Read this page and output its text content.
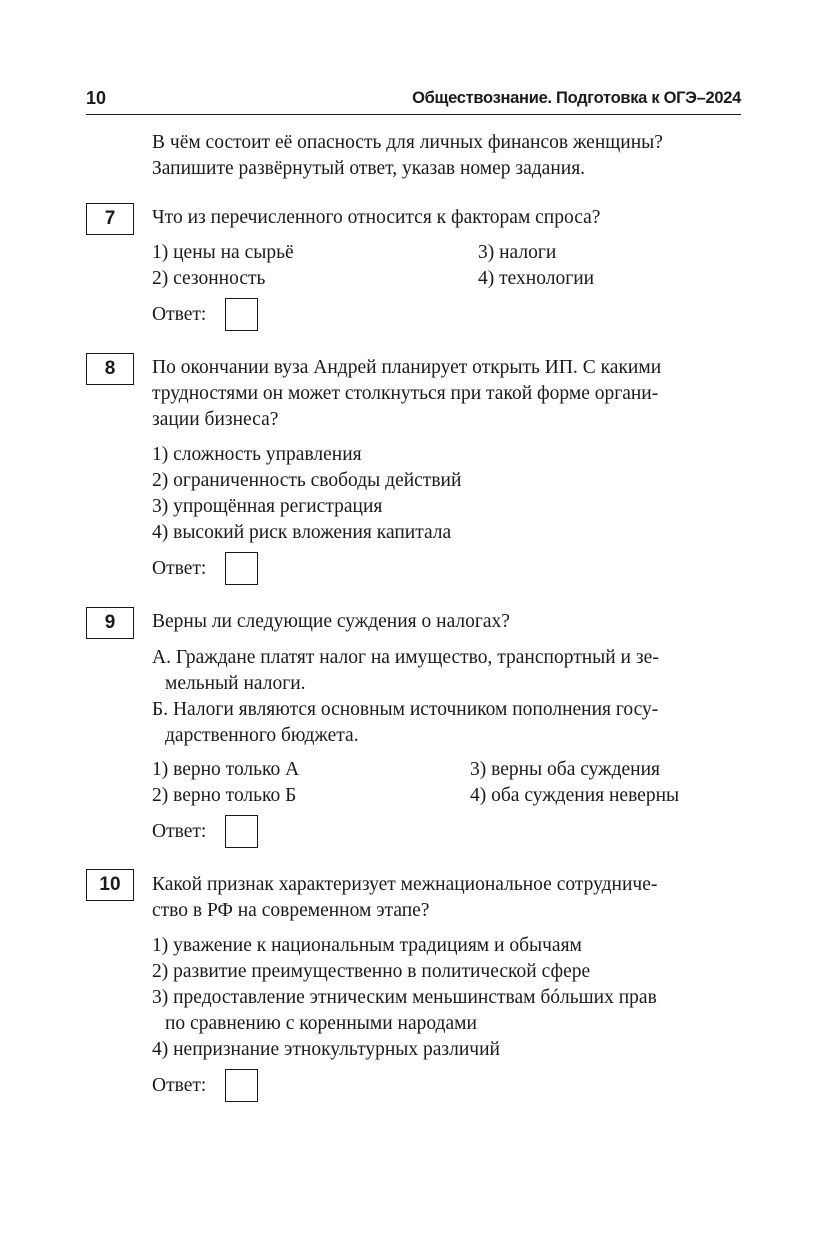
10	Обществознание. Подготовка к ОГЭ–2024
В чём состоит её опасность для личных финансов женщины?
Запишите развёрнутый ответ, указав номер задания.
7	Что из перечисленного относится к факторам спроса?
1) цены на сырьё
2) сезонность
3) налоги
4) технологии
Ответ:
8	По окончании вуза Андрей планирует открыть ИП. С какими
трудностями он может столкнуться при такой форме органи-
зации бизнеса?
1) сложность управления
2) ограниченность свободы действий
3) упрощённая регистрация
4) высокий риск вложения капитала
Ответ:
9	Верны ли следующие суждения о налогах?
А. Граждане платят налог на имущество, транспортный и зе-
мельный налоги.
Б. Налоги являются основным источником пополнения госу-
дарственного бюджета.
1) верно только А
2) верно только Б
3) верны оба суждения
4) оба суждения неверны
Ответ:
10	Какой признак характеризует межнациональное сотрудниче-
ство в РФ на современном этапе?
1) уважение к национальным традициям и обычаям
2) развитие преимущественно в политической сфере
3) предоставление этническим меньшинствам бóльших прав
по сравнению с коренными народами
4) непризнание этнокультурных различий
Ответ:
